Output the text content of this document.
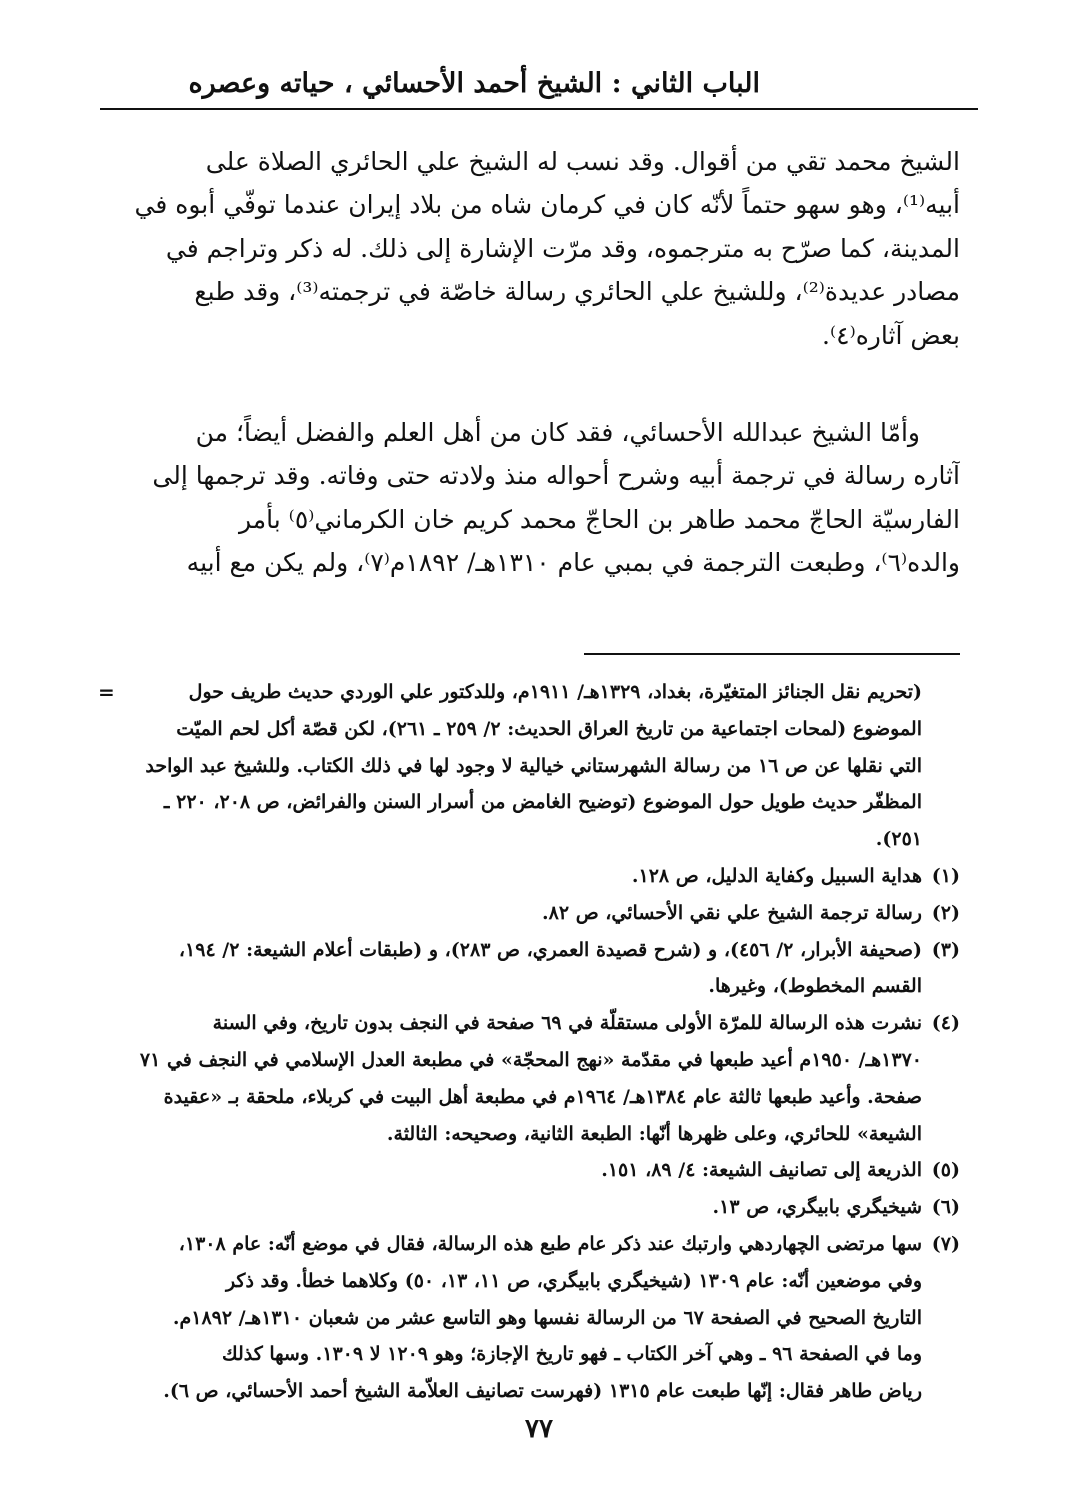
الباب الثاني : الشيخ أحمد الأحسائي ، حياته وعصره

الشيخ محمد تقي من أقوال. وقد نسب له الشيخ علي الحائري الصلاة على
أبيه⁽¹⁾، وهو سهو حتماً لأنّه كان في كرمان شاه من بلاد إيران عندما توفّي أبوه في
المدينة، كما صرّح به مترجموه، وقد مرّت الإشارة إلى ذلك. له ذكر وتراجم في
مصادر عديدة⁽²⁾، وللشيخ علي الحائري رسالة خاصّة في ترجمته⁽³⁾، وقد طبع
بعض آثاره⁽٤⁾.

وأمّا الشيخ عبدالله الأحسائي، فقد كان من أهل العلم والفضل أيضاً؛ من
آثاره رسالة في ترجمة أبيه وشرح أحواله منذ ولادته حتى وفاته. وقد ترجمها إلى
الفارسيّة الحاجّ محمد طاهر بن الحاجّ محمد كريم خان الكرماني⁽٥⁾ بأمر
والده⁽٦⁾، وطبعت الترجمة في بمبي عام ١٣١٠هـ/ ١٨٩٢م⁽٧⁾، ولم يكن مع أبيه

=	(تحريم نقل الجنائز المتغيّرة، بغداد، ١٣٢٩هـ/ ١٩١١م، وللدكتور علي الوردي حديث طريف حول
الموضوع (لمحات اجتماعية من تاريخ العراق الحديث: ٢/ ٢٥٩ ـ ٢٦١)، لكن قصّة أكل لحم الميّت
التي نقلها عن ص ١٦ من رسالة الشهرستاني خيالية لا وجود لها في ذلك الكتاب. وللشيخ عبد الواحد
المظفّر حديث طويل حول الموضوع (توضيح الغامض من أسرار السنن والفرائض، ص ٢٠٨، ٢٢٠ ـ
٢٥١).
(١)
هداية السبيل وكفاية الدليل، ص ١٢٨.
(٢)
رسالة ترجمة الشيخ علي نقي الأحسائي، ص ٨٢.
(٣)
(صحيفة الأبرار، ٢/ ٤٥٦)، و (شرح قصيدة العمري، ص ٢٨٣)، و (طبقات أعلام الشيعة: ٢/ ١٩٤،
القسم المخطوط)، وغيرها.
(٤)
نشرت هذه الرسالة للمرّة الأولى مستقلّة في ٦٩ صفحة في النجف بدون تاريخ، وفي السنة
١٣٧٠هـ/ ١٩٥٠م أعيد طبعها في مقدّمة «نهج المحجّة» في مطبعة العدل الإسلامي في النجف في ٧١
صفحة. وأعيد طبعها ثالثة عام ١٣٨٤هـ/ ١٩٦٤م في مطبعة أهل البيت في كربلاء، ملحقة بـ «عقيدة
الشيعة» للحائري، وعلى ظهرها أنّها: الطبعة الثانية، وصحيحه: الثالثة.
(٥)
الذريعة إلى تصانيف الشيعة: ٤/ ٨٩، ١٥١.
(٦)
شيخيگري بابيگري، ص ١٣.
(٧)
سها مرتضى الچهاردهي وارتبك عند ذكر عام طبع هذه الرسالة، فقال في موضع أنّه: عام ١٣٠٨،
وفي موضعين أنّه: عام ١٣٠٩ (شيخيگري بابيگري، ص ١١، ١٣، ٥٠) وكلاهما خطأ. وقد ذكر
التاريخ الصحيح في الصفحة ٦٧ من الرسالة نفسها وهو التاسع عشر من شعبان ١٣١٠هـ/ ١٨٩٢م.
وما في الصفحة ٩٦ ـ وهي آخر الكتاب ـ فهو تاريخ الإجازة؛ وهو ١٢٠٩ لا ١٣٠٩. وسها كذلك
رياض طاهر فقال: إنّها طبعت عام ١٣١٥ (فهرست تصانيف العلاّمة الشيخ أحمد الأحسائي، ص ٦).
٧٧
